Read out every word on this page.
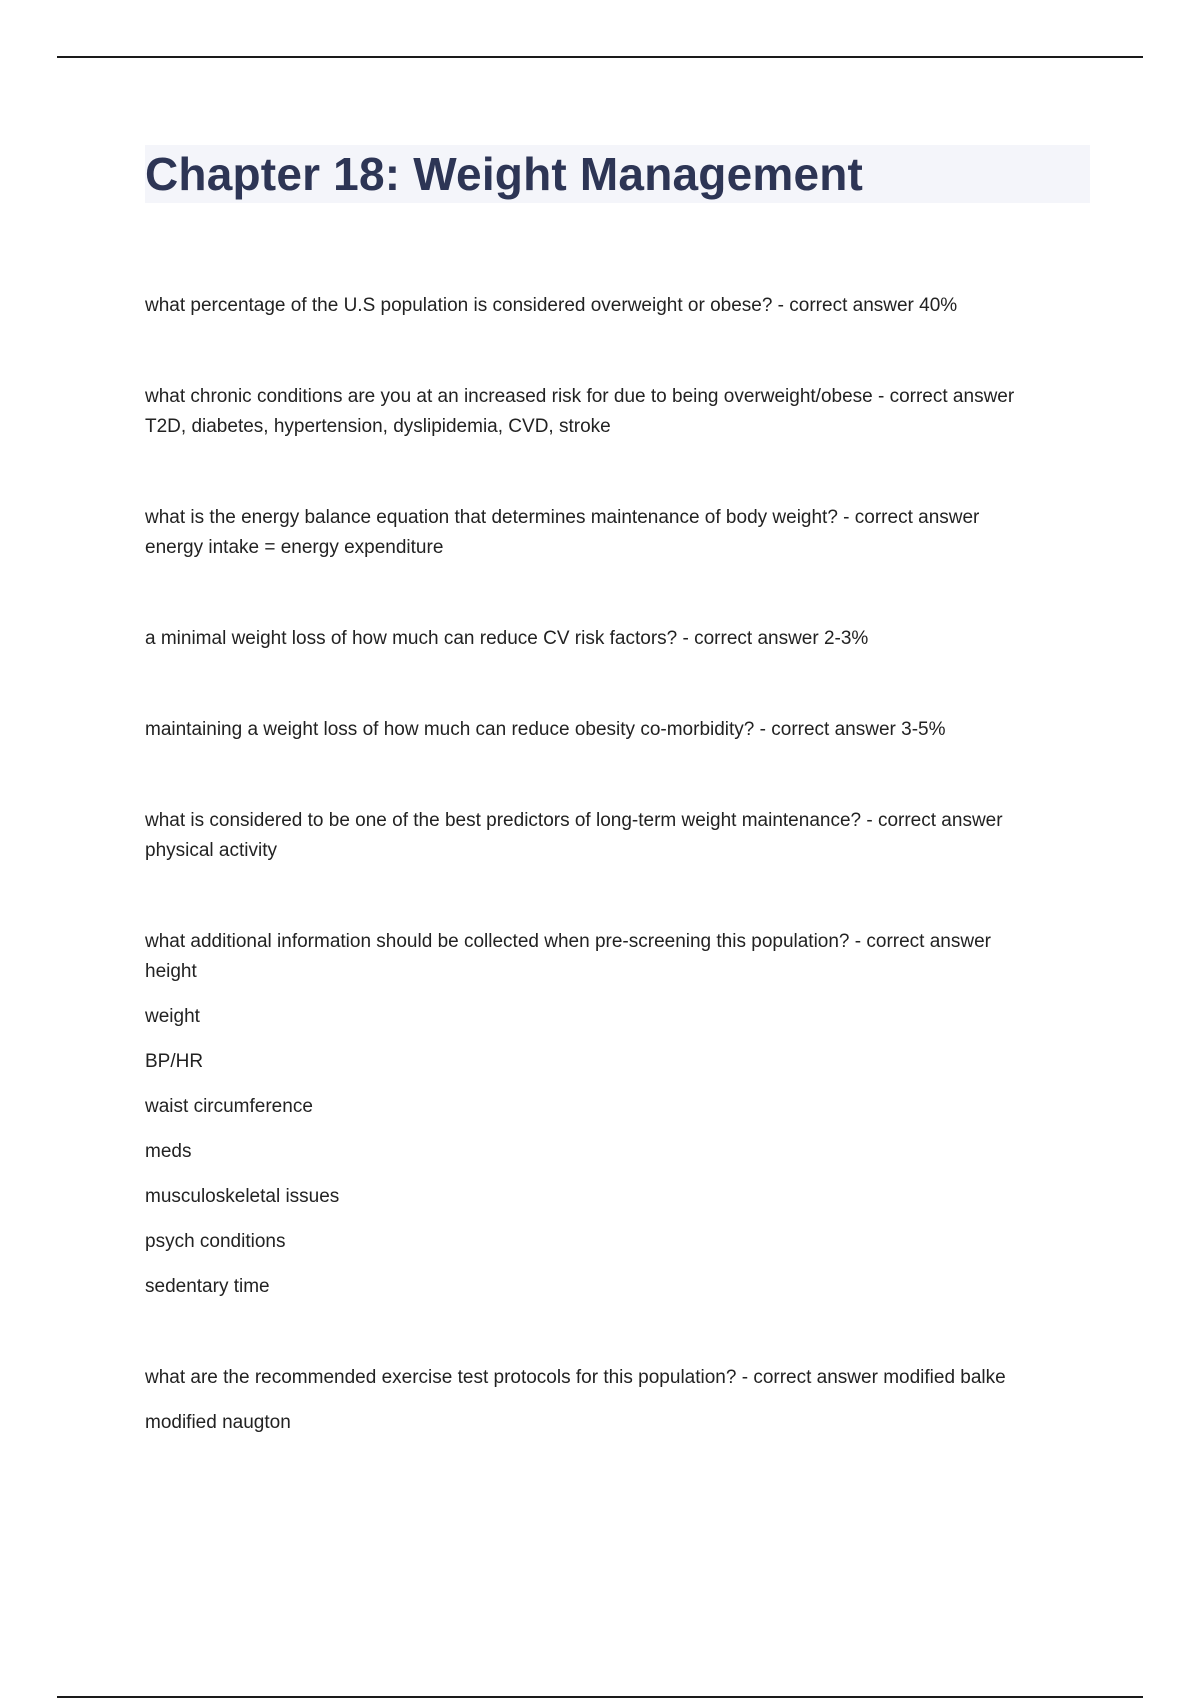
Chapter 18: Weight Management
what percentage of the U.S population is considered overweight or obese? - correct answer 40%
what chronic conditions are you at an increased risk for due to being overweight/obese - correct answer
T2D, diabetes, hypertension, dyslipidemia, CVD, stroke
what is the energy balance equation that determines maintenance of body weight? - correct answer
energy intake = energy expenditure
a minimal weight loss of how much can reduce CV risk factors? - correct answer 2-3%
maintaining a weight loss of how much can reduce obesity co-morbidity? - correct answer 3-5%
what is considered to be one of the best predictors of long-term weight maintenance? - correct answer
physical activity
what additional information should be collected when pre-screening this population? - correct answer
height
weight
BP/HR
waist circumference
meds
musculoskeletal issues
psych conditions
sedentary time
what are the recommended exercise test protocols for this population? - correct answer modified balke
modified naugton
